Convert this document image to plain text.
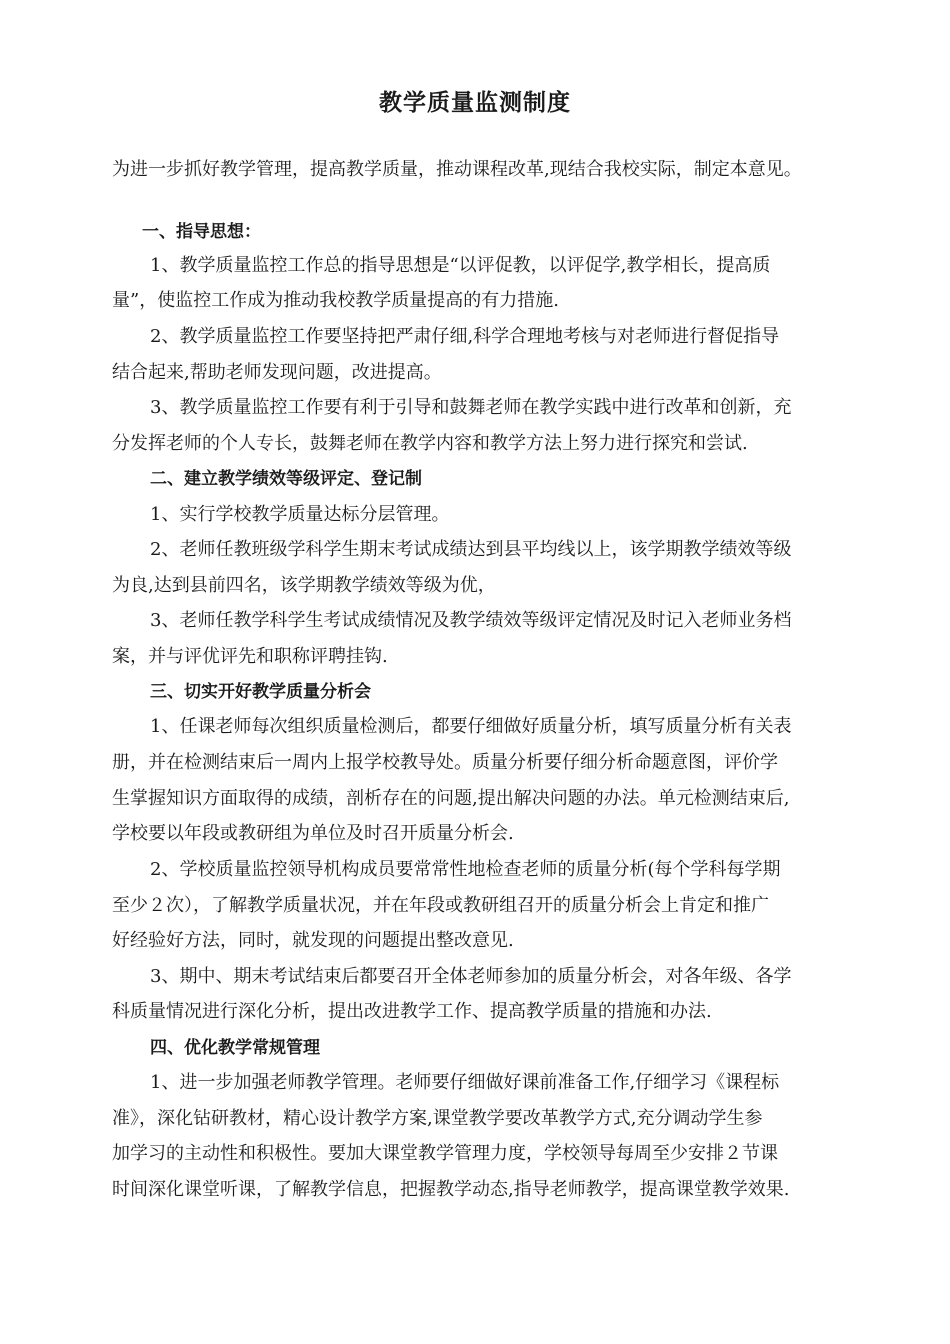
教学质量监测制度
为进一步抓好教学管理，提高教学质量，推动课程改革,现结合我校实际，制定本意见。
一、指导思想：
1、教学质量监控工作总的指导思想是“以评促教，以评促学,教学相长，提高质
量”，使监控工作成为推动我校教学质量提高的有力措施.
2、教学质量监控工作要坚持把严肃仔细,科学合理地考核与对老师进行督促指导
结合起来,帮助老师发现问题，改进提高。
3、教学质量监控工作要有利于引导和鼓舞老师在教学实践中进行改革和创新，充
分发挥老师的个人专长，鼓舞老师在教学内容和教学方法上努力进行探究和尝试.
二、建立教学绩效等级评定、登记制
1、实行学校教学质量达标分层管理。
2、老师任教班级学科学生期末考试成绩达到县平均线以上，该学期教学绩效等级
为良,达到县前四名，该学期教学绩效等级为优，
3、老师任教学科学生考试成绩情况及教学绩效等级评定情况及时记入老师业务档
案，并与评优评先和职称评聘挂钩.
三、切实开好教学质量分析会
1、任课老师每次组织质量检测后，都要仔细做好质量分析，填写质量分析有关表
册，并在检测结束后一周内上报学校教导处。质量分析要仔细分析命题意图，评价学
生掌握知识方面取得的成绩，剖析存在的问题,提出解决问题的办法。单元检测结束后,
学校要以年段或教研组为单位及时召开质量分析会.
2、学校质量监控领导机构成员要常常性地检查老师的质量分析(每个学科每学期
至少２次），了解教学质量状况，并在年段或教研组召开的质量分析会上肯定和推广
好经验好方法，同时，就发现的问题提出整改意见.
3、期中、期末考试结束后都要召开全体老师参加的质量分析会，对各年级、各学
科质量情况进行深化分析，提出改进教学工作、提高教学质量的措施和办法.
四、优化教学常规管理
1、进一步加强老师教学管理。老师要仔细做好课前准备工作,仔细学习《课程标
准》，深化钻研教材，精心设计教学方案,课堂教学要改革教学方式,充分调动学生参
加学习的主动性和积极性。要加大课堂教学管理力度，学校领导每周至少安排２节课
时间深化课堂听课，了解教学信息，把握教学动态,指导老师教学，提高课堂教学效果.
